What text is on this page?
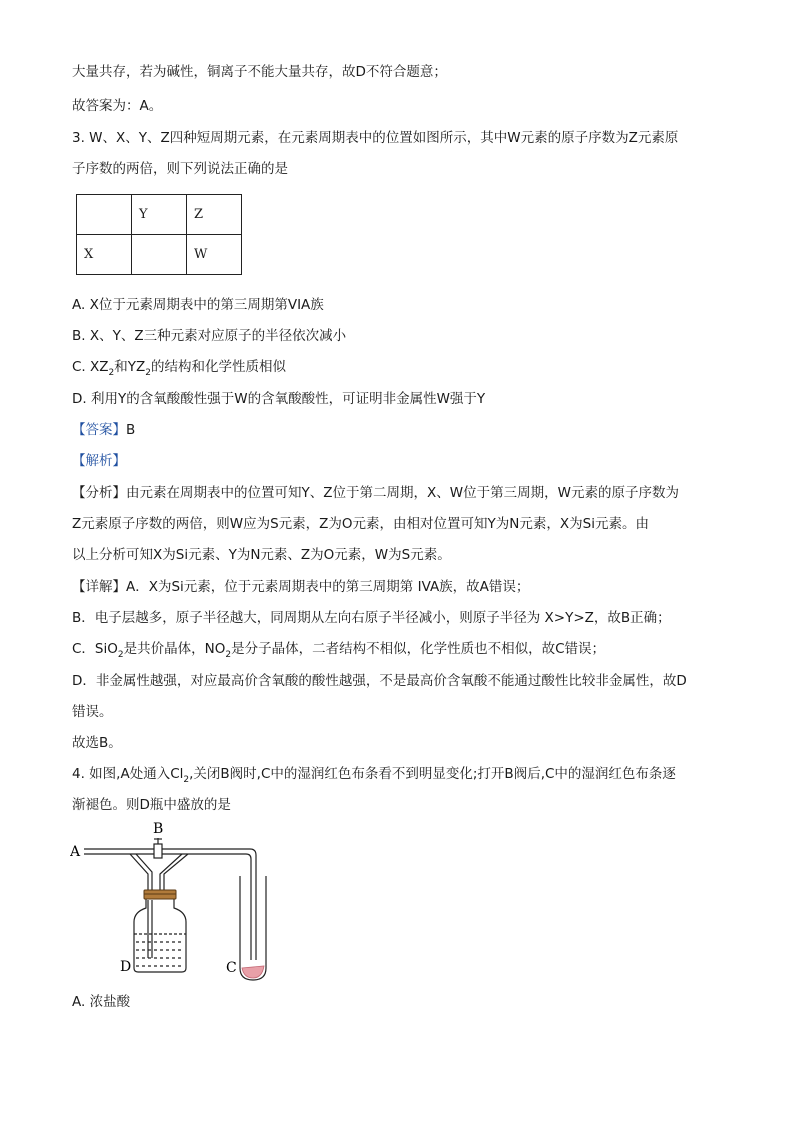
大量共存，若为碱性，铜离子不能大量共存，故D不符合题意；
故答案为：A。
3. W、X、Y、Z四种短周期元素，在元素周期表中的位置如图所示，其中W元素的原子序数为Z元素原
子序数的两倍，则下列说法正确的是
	Y	Z
X		W
A. X位于元素周期表中的第三周期第VIA族
B. X、Y、Z三种元素对应原子的半径依次减小
C. $XZ_2$和$YZ_2$的结构和化学性质相似
D. 利用Y的含氧酸酸性强于W的含氧酸酸性，可证明非金属性W强于Y
【答案】B
【解析】
【分析】由元素在周期表中的位置可知Y、Z位于第二周期，X、W位于第三周期，W元素的原子序数为
Z元素原子序数的两倍，则W应为S元素，Z为O元素，由相对位置可知Y为N元素，X为Si元素。由
以上分析可知X为Si元素、Y为N元素、Z为O元素，W为S元素。
【详解】A．X为Si元素，位于元素周期表中的第三周期第 IVA族，故A错误；
B．电子层越多，原子半径越大，同周期从左向右原子半径减小，则原子半径为 X>Y>Z，故B正确；
C．SiO$_2$是共价晶体，$NO_2$是分子晶体，二者结构不相似，化学性质也不相似，故C错误；
D．非金属性越强，对应最高价含氧酸的酸性越强，不是最高价含氧酸不能通过酸性比较非金属性，故D
错误。
故选B。
4. 如图,A处通入$Cl_2$,关闭B阀时,C中的湿润红色布条看不到明显变化;打开B阀后,C中的湿润红色布条逐
渐褪色。则D瓶中盛放的是
A
B
D	C
A. 浓盐酸
